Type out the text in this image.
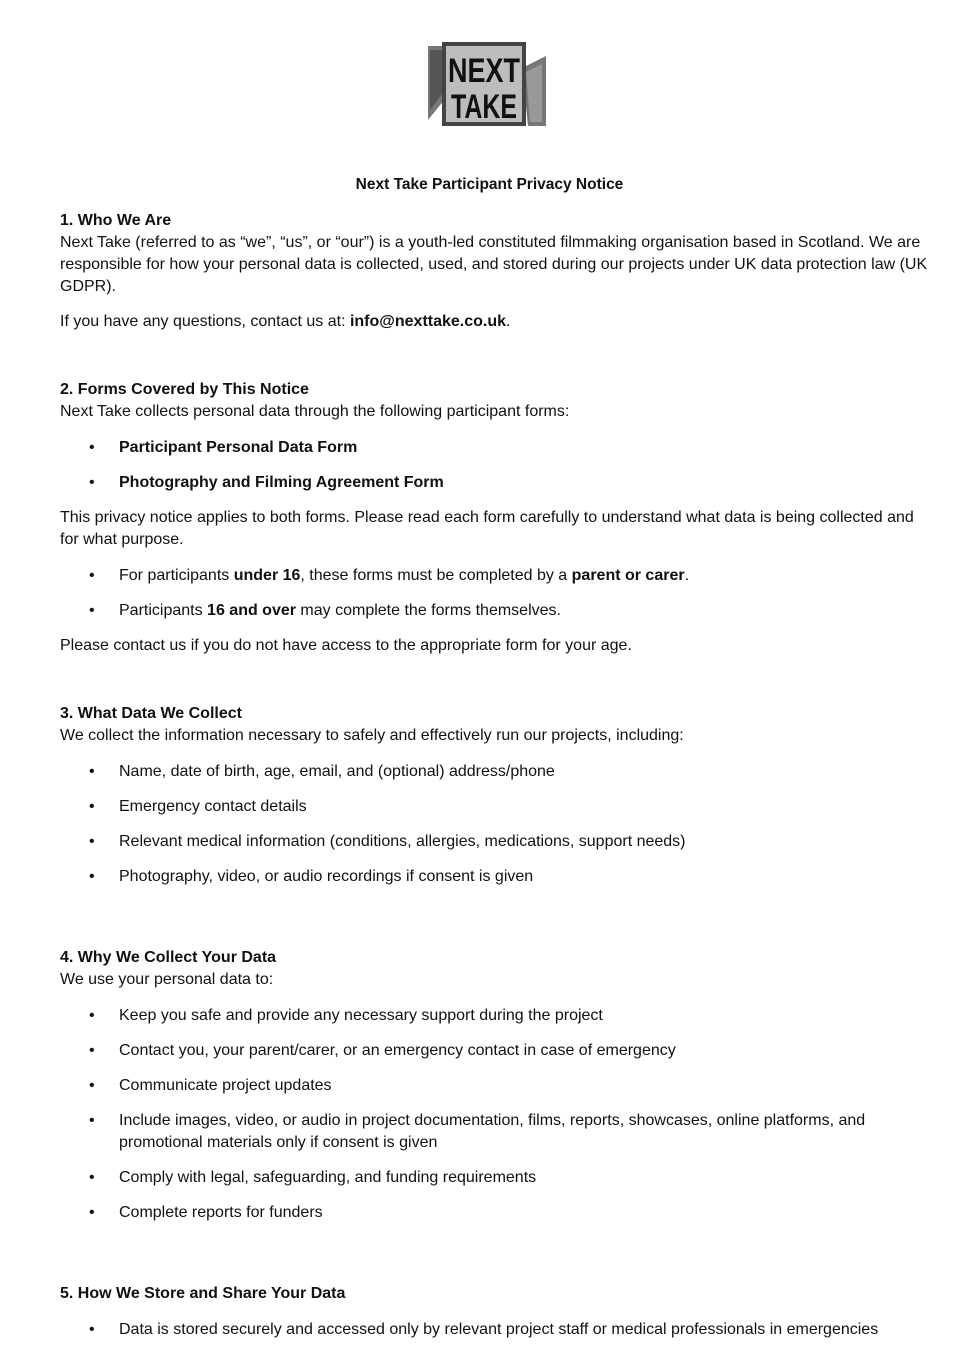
NEXT
TAKE
Next Take Participant Privacy Notice

1. Who We Are

Next Take (referred to as “we”, “us”, or “our”) is a youth-led constituted filmmaking organisation based in Scotland. We are responsible for how your personal data is collected, used, and stored during our projects under UK data protection law (UK GDPR).

If you have any questions, contact us at: info@nexttake.co.uk.

2. Forms Covered by This Notice

Next Take collects personal data through the following participant forms:

• Participant Personal Data Form
• Photography and Filming Agreement Form

This privacy notice applies to both forms. Please read each form carefully to understand what data is being collected and for what purpose.

• For participants under 16, these forms must be completed by a parent or carer.
• Participants 16 and over may complete the forms themselves.

Please contact us if you do not have access to the appropriate form for your age.

3. What Data We Collect

We collect the information necessary to safely and effectively run our projects, including:

• Name, date of birth, age, email, and (optional) address/phone
• Emergency contact details
• Relevant medical information (conditions, allergies, medications, support needs)
• Photography, video, or audio recordings if consent is given

4. Why We Collect Your Data

We use your personal data to:

• Keep you safe and provide any necessary support during the project
• Contact you, your parent/carer, or an emergency contact in case of emergency
• Communicate project updates
• Include images, video, or audio in project documentation, films, reports, showcases, online platforms, and promotional materials only if consent is given
• Comply with legal, safeguarding, and funding requirements
• Complete reports for funders

5. How We Store and Share Your Data

• Data is stored securely and accessed only by relevant project staff or medical professionals in emergencies
